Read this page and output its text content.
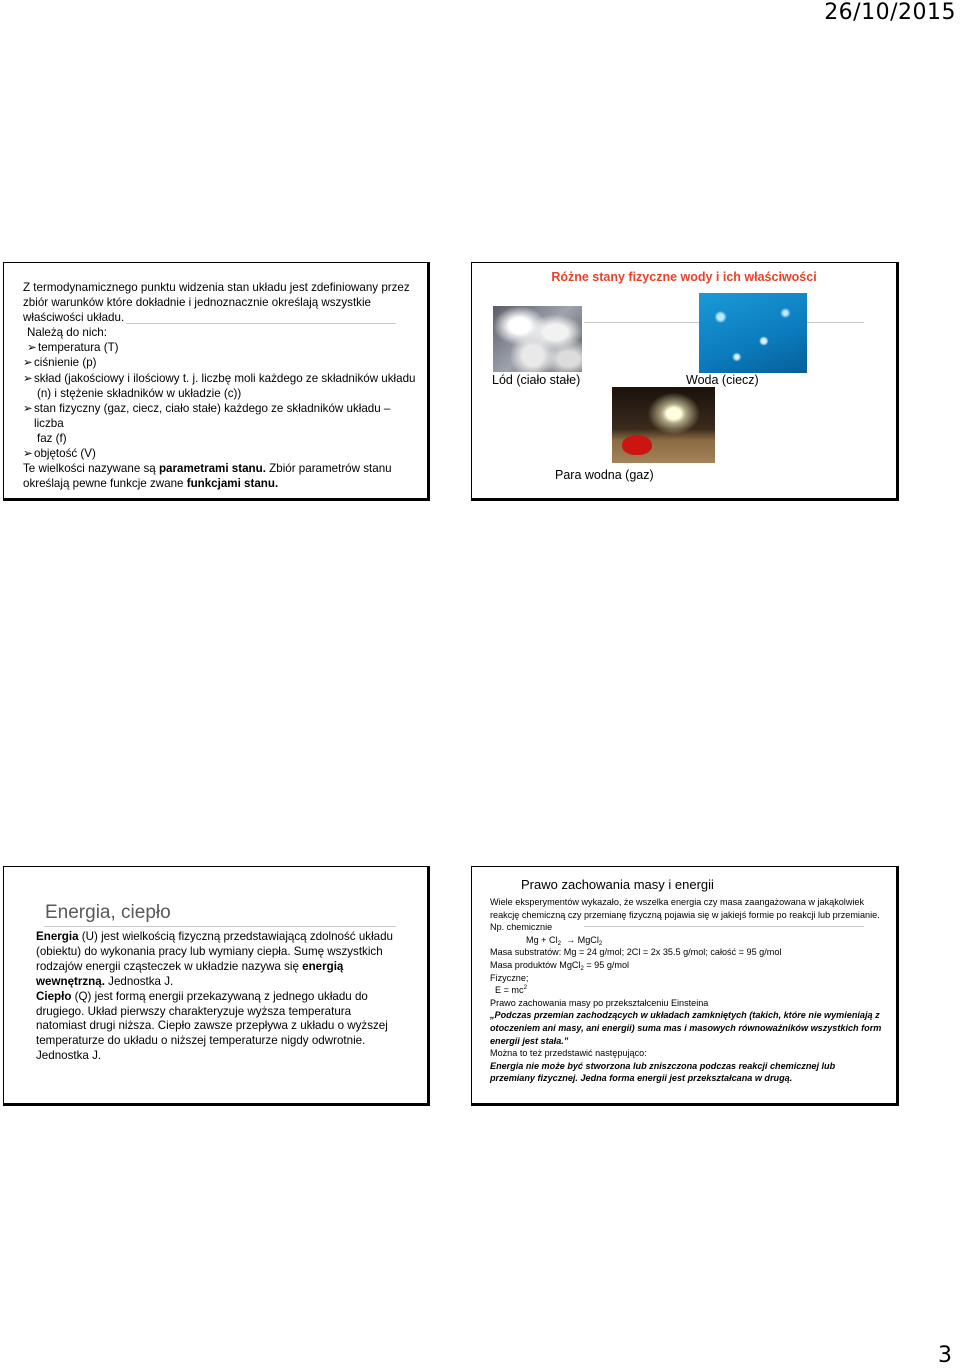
26/10/2015
Z termodynamicznego punktu widzenia stan układu jest zdefiniowany przez zbiór warunków które dokładnie i jednoznacznie określają wszystkie właściwości układu.
Należą do nich:
➢temperatura (T)
➢ciśnienie (p)
➢skład (jakościowy i ilościowy t. j. liczbę moli każdego ze składników układu
(n) i stężenie składników w układzie (c))
➢stan fizyczny (gaz, ciecz, ciało stałe) każdego ze składników układu – liczba
faz (f)
➢objętość (V)
Te wielkości nazywane są parametrami stanu. Zbiór parametrów stanu określają pewne funkcje zwane funkcjami stanu.
Różne stany fizyczne wody i ich właściwości
Lód (ciało stałe)	Woda (ciecz)
Para wodna (gaz)
Energia, ciepło
Energia (U) jest wielkością fizyczną przedstawiającą zdolność układu (obiektu) do wykonania pracy lub wymiany ciepła. Sumę wszystkich rodzajów energii cząsteczek w układzie nazywa się energią wewnętrzną. Jednostka J.
Ciepło (Q) jest formą energii przekazywaną z jednego układu do drugiego. Układ pierwszy charakteryzuje wyższa temperatura natomiast drugi niższa. Ciepło zawsze przepływa z układu o wyższej temperaturze do układu o niższej temperaturze nigdy odwrotnie. Jednostka J.
Prawo zachowania masy i energii
Wiele eksperymentów wykazało, że wszelka energia czy masa zaangażowana w jakąkolwiek reakcję chemiczną czy przemianę fizyczną pojawia się w jakiejś formie po reakcji lub przemianie.
Np. chemicznie
$Mg + Cl_2$ → MgCl$_2$
Masa substratów: Mg = 24 g/mol; 2Cl = 2x 35.5 g/mol; całość = 95 g/mol
Masa produktów MgCl$_2$ = 95 g/mol
Fizyczne;
$E = mc^2$
Prawo zachowania masy po przekształceniu Einsteina
„Podczas przemian zachodzących w układach zamkniętych (takich, które nie wymieniają z otoczeniem ani masy, ani energii) suma mas i masowych równoważników wszystkich form energii jest stała.”
Można to też przedstawić następująco:
Energia nie może być stworzona lub zniszczona podczas reakcji chemicznej lub przemiany fizycznej. Jedna forma energii jest przekształcana w drugą.
3
